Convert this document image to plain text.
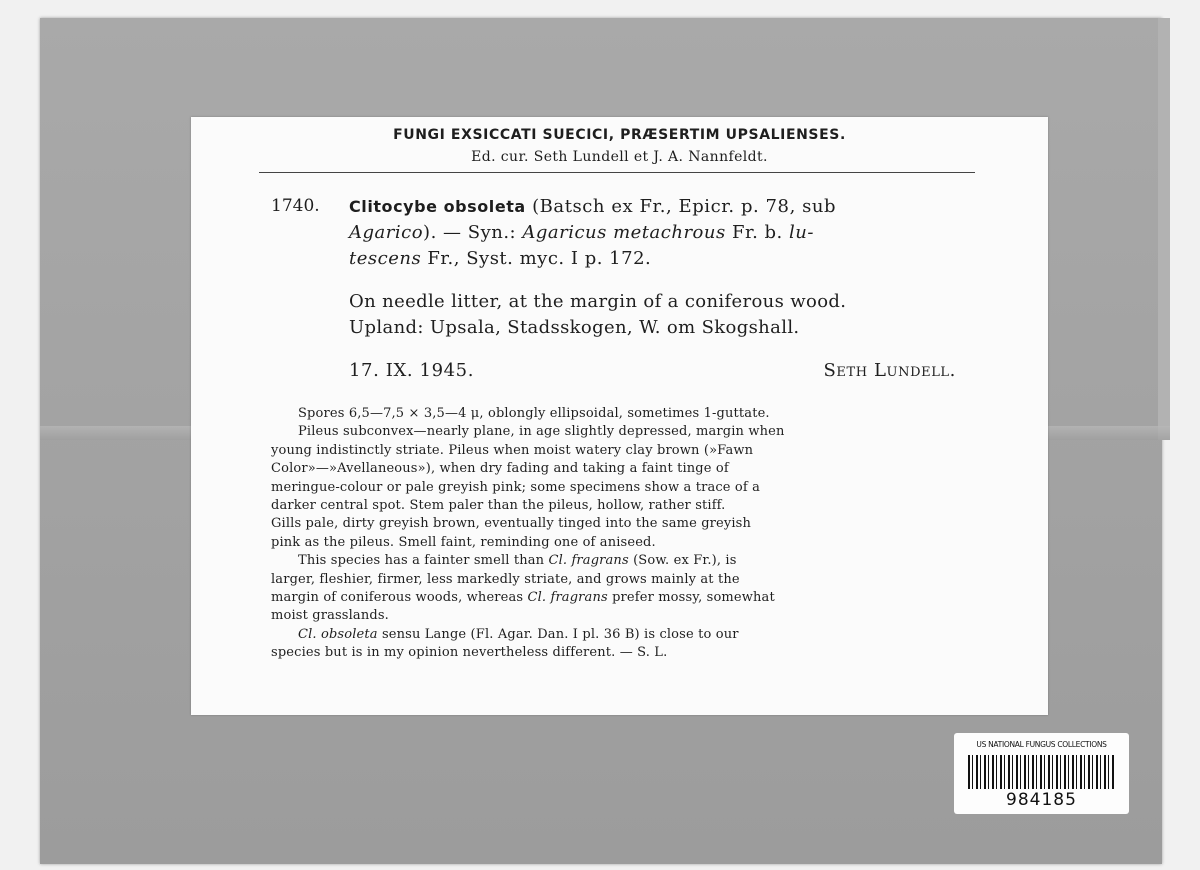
FUNGI EXSICCATI SUECICI, PRÆSERTIM UPSALIENSES.
Ed. cur. Seth Lundell et J. A. Nannfeldt.
1740. Clitocybe obsoleta (Batsch ex Fr., Epicr. p. 78, sub
Agarico). — Syn.: Agaricus metachrous Fr. b. lu-
tescens Fr., Syst. myc. I p. 172.
On needle litter, at the margin of a coniferous wood.
Upland: Upsala, Stadsskogen, W. om Skogshall.
17. IX. 1945.	Seth Lundell.
Spores 6,5—7,5 × 3,5—4 μ, oblongly ellipsoidal, sometimes 1-guttate.
Pileus subconvex—nearly plane, in age slightly depressed, margin when
young indistinctly striate. Pileus when moist watery clay brown (»Fawn
Color»—»Avellaneous»), when dry fading and taking a faint tinge of
meringue-colour or pale greyish pink; some specimens show a trace of a
darker central spot. Stem paler than the pileus, hollow, rather stiff.
Gills pale, dirty greyish brown, eventually tinged into the same greyish
pink as the pileus. Smell faint, reminding one of aniseed.
This species has a fainter smell than Cl. fragrans (Sow. ex Fr.), is
larger, fleshier, firmer, less markedly striate, and grows mainly at the
margin of coniferous woods, whereas Cl. fragrans prefer mossy, somewhat
moist grasslands.
Cl. obsoleta sensu Lange (Fl. Agar. Dan. I pl. 36 B) is close to our
species but is in my opinion nevertheless different. — S. L.
US NATIONAL FUNGUS COLLECTIONS
984185
